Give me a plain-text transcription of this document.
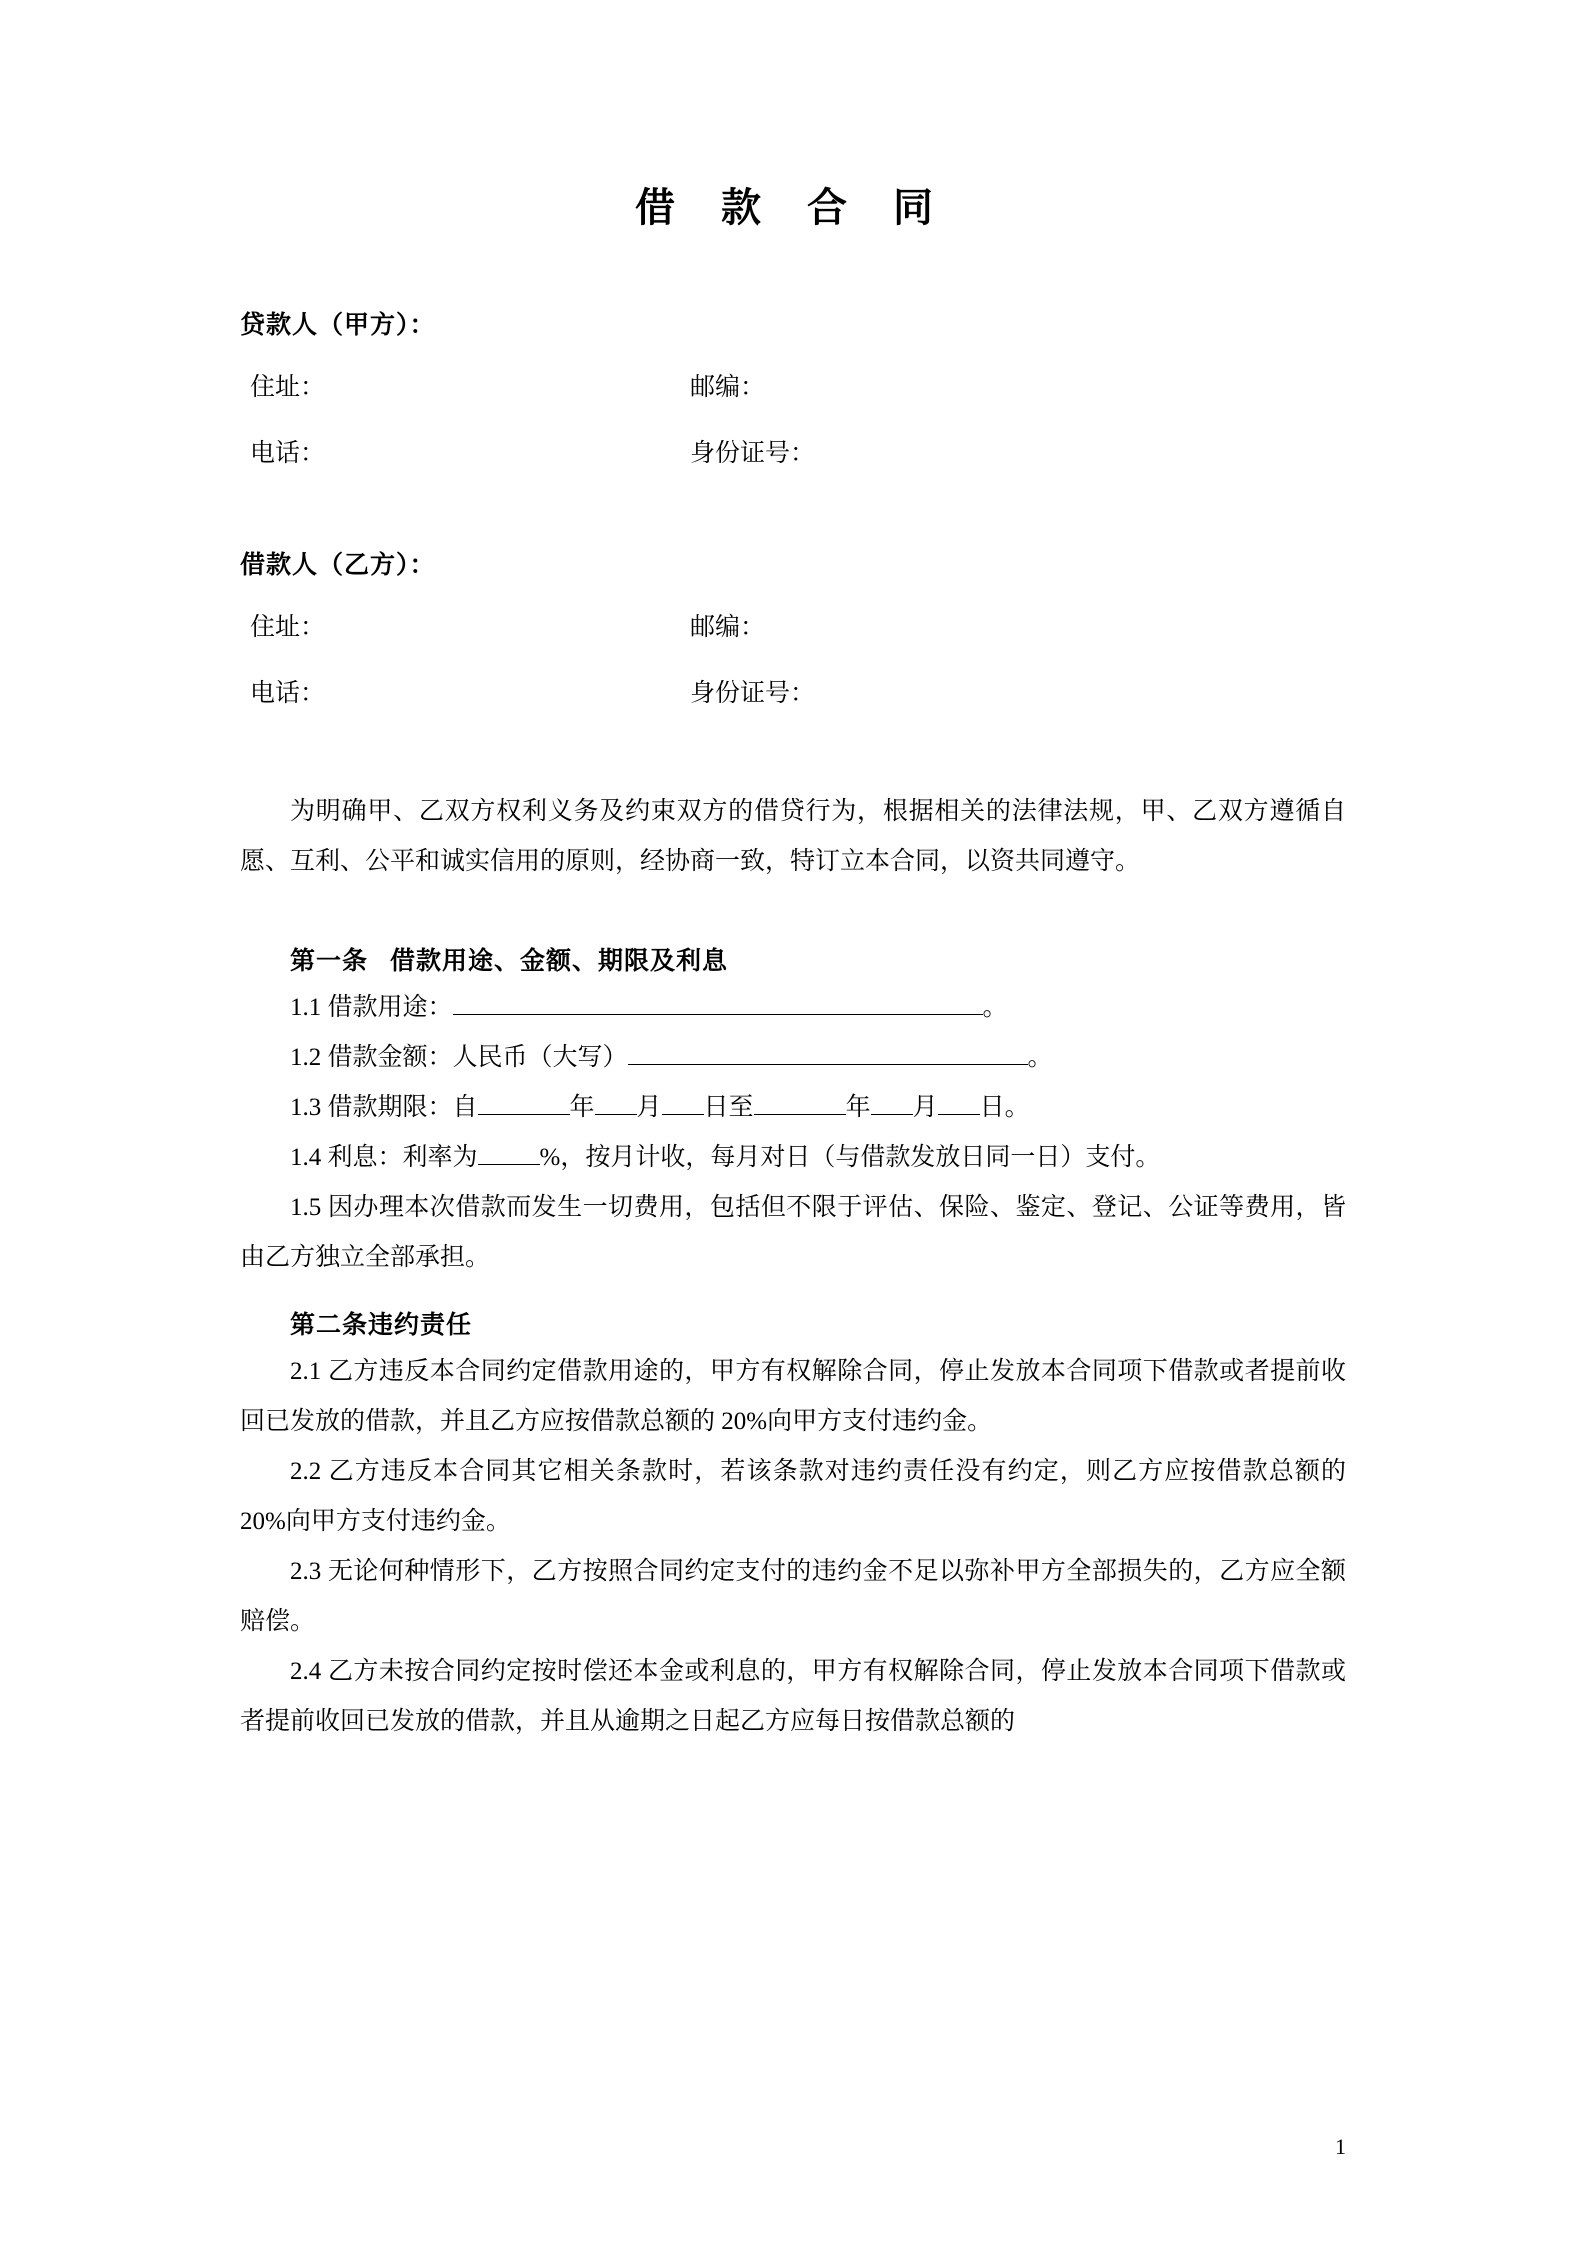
借 款 合 同
贷款人（甲方）：
住址：	邮编：
电话：	身份证号：
借款人（乙方）：
住址：	邮编：
电话：	身份证号：

为明确甲、乙双方权利义务及约束双方的借贷行为，根据相关的法律法规，甲、乙双方遵循自愿、互利、公平和诚实信用的原则，经协商一致，特订立本合同，以资共同遵守。

第一条 借款用途、金额、期限及利息

1.1 借款用途：	。

1.2 借款金额：人民币（大写）	。

1.3 借款期限：自	年 月 日至	年 月 日。

1.4 利息：利率为 %，按月计收，每月对日（与借款发放日同一日）支付。

1.5 因办理本次借款而发生一切费用，包括但不限于评估、保险、鉴定、登记、公证等费用，皆由乙方独立全部承担。

第二条违约责任

2.1 乙方违反本合同约定借款用途的，甲方有权解除合同，停止发放本合同项下借款或者提前收回已发放的借款，并且乙方应按借款总额的 20%向甲方支付违约金。

2.2 乙方违反本合同其它相关条款时，若该条款对违约责任没有约定，则乙方应按借款总额的 20%向甲方支付违约金。

2.3 无论何种情形下，乙方按照合同约定支付的违约金不足以弥补甲方全部损失的，乙方应全额赔偿。

2.4 乙方未按合同约定按时偿还本金或利息的，甲方有权解除合同，停止发放本合同项下借款或者提前收回已发放的借款，并且从逾期之日起乙方应每日按借款总额的

1
